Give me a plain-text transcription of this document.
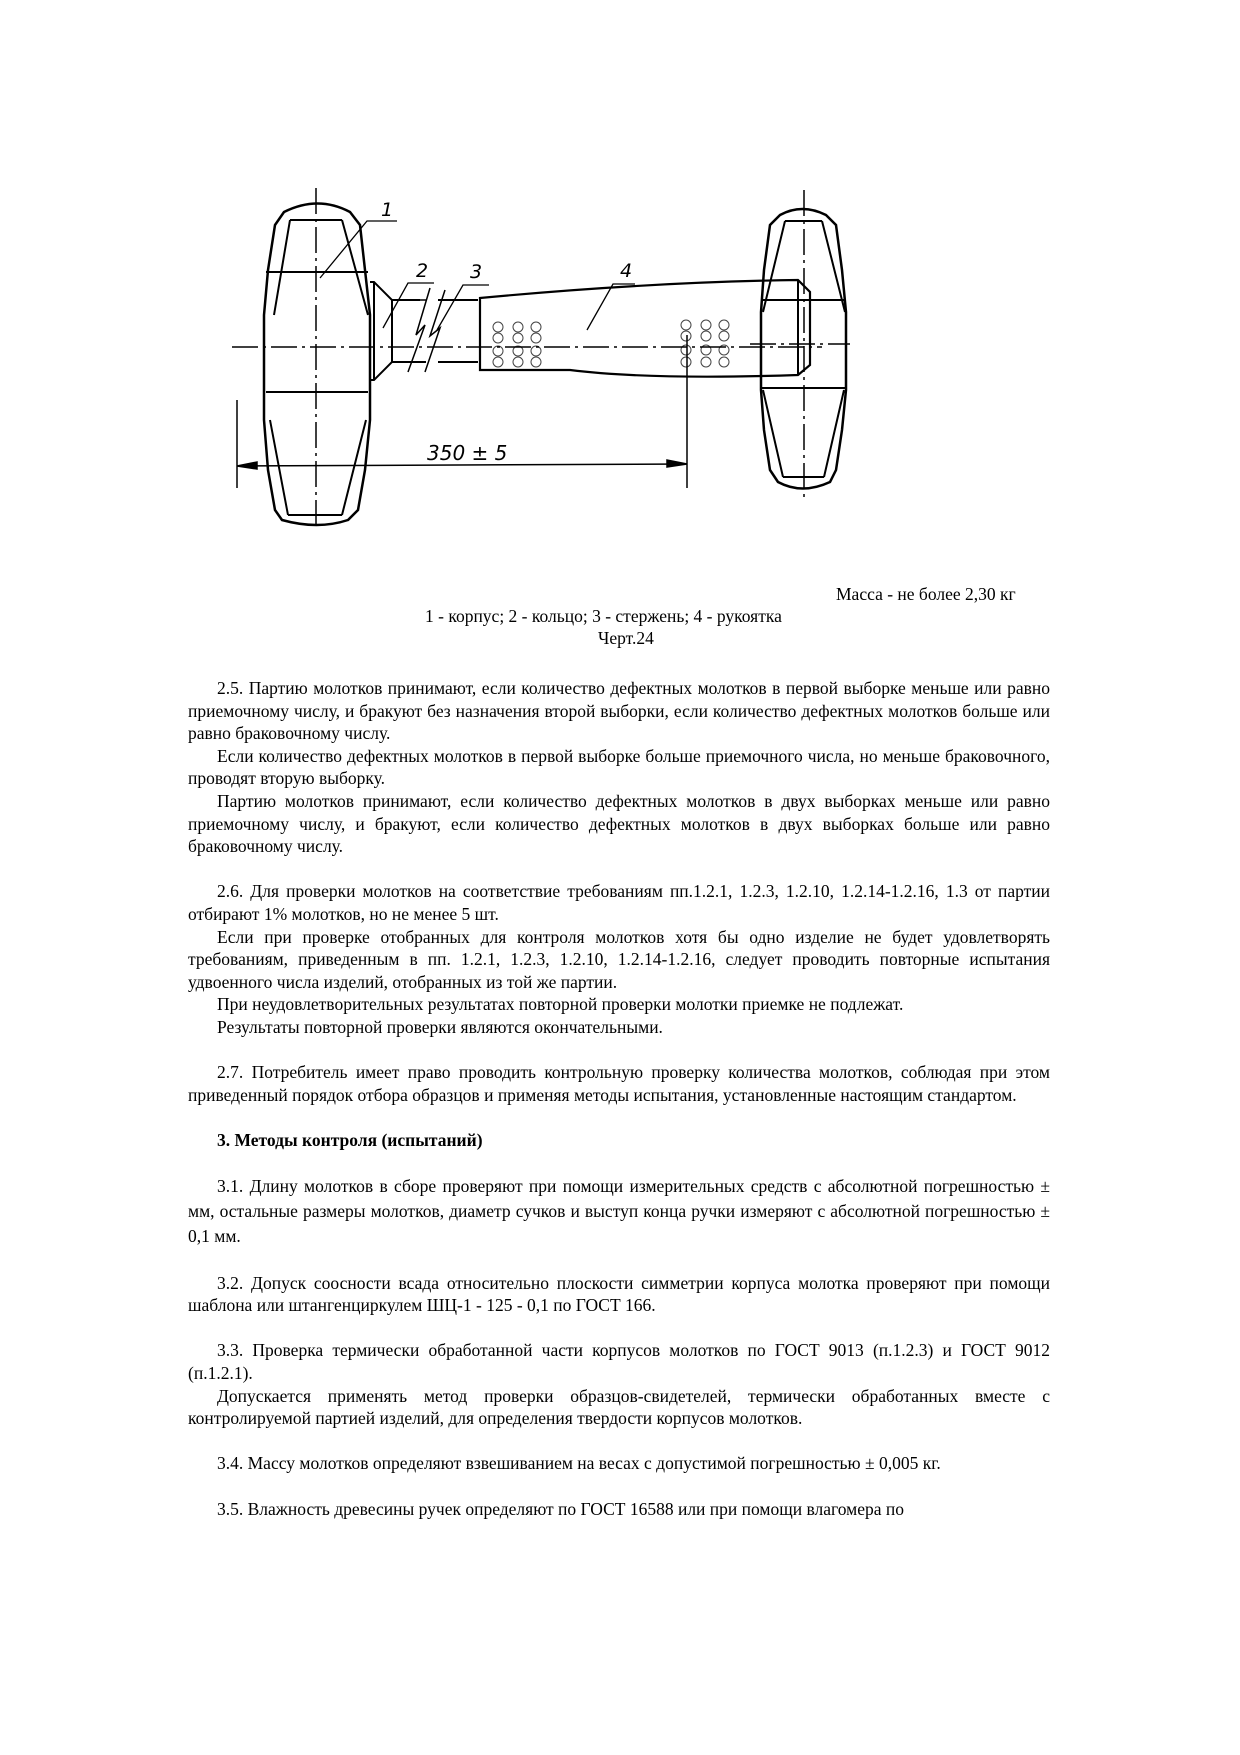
1
2 3	4
350 ± 5
Масса - не более 2,30 кг
1 - корпус; 2 - кольцо; 3 - стержень; 4 - рукоятка
Черт.24

2.5. Партию молотков принимают, если количество дефектных молотков в первой выборке меньше или равно приемочному числу, и бракуют без назначения второй выборки, если количество дефектных молотков больше или равно браковочному числу.

Если количество дефектных молотков в первой выборке больше приемочного числа, но меньше браковочного, проводят вторую выборку.

Партию молотков принимают, если количество дефектных молотков в двух выборках меньше или равно приемочному числу, и бракуют, если количество дефектных молотков в двух выборках больше или равно браковочному числу.

2.6. Для проверки молотков на соответствие требованиям пп.1.2.1, 1.2.3, 1.2.10, 1.2.14-1.2.16, 1.3 от партии отбирают 1% молотков, но не менее 5 шт.

Если при проверке отобранных для контроля молотков хотя бы одно изделие не будет удовлетворять требованиям, приведенным в пп. 1.2.1, 1.2.3, 1.2.10, 1.2.14-1.2.16, следует проводить повторные испытания удвоенного числа изделий, отобранных из той же партии.

При неудовлетворительных результатах повторной проверки молотки приемке не подлежат.

Результаты повторной проверки являются окончательными.

2.7. Потребитель имеет право проводить контрольную проверку количества молотков, соблюдая при этом приведенный порядок отбора образцов и применяя методы испытания, установленные настоящим стандартом.

3. Методы контроля (испытаний)

3.1. Длину молотков в сборе проверяют при помощи измерительных средств с абсолютной погрешностью ± мм, остальные размеры молотков, диаметр сучков и выступ конца ручки измеряют с абсолютной погрешностью ± 0,1 мм.

3.2. Допуск соосности всада относительно плоскости симметрии корпуса молотка проверяют при помощи шаблона или штангенциркулем ШЦ-1 - 125 - 0,1 по ГОСТ 166.

3.3. Проверка термически обработанной части корпусов молотков по ГОСТ 9013 (п.1.2.3) и ГОСТ 9012 (п.1.2.1).

Допускается применять метод проверки образцов-свидетелей, термически обработанных вместе с контролируемой партией изделий, для определения твердости корпусов молотков.

3.4. Массу молотков определяют взвешиванием на весах с допустимой погрешностью ± 0,005 кг.

3.5. Влажность древесины ручек определяют по ГОСТ 16588 или при помощи влагомера по
